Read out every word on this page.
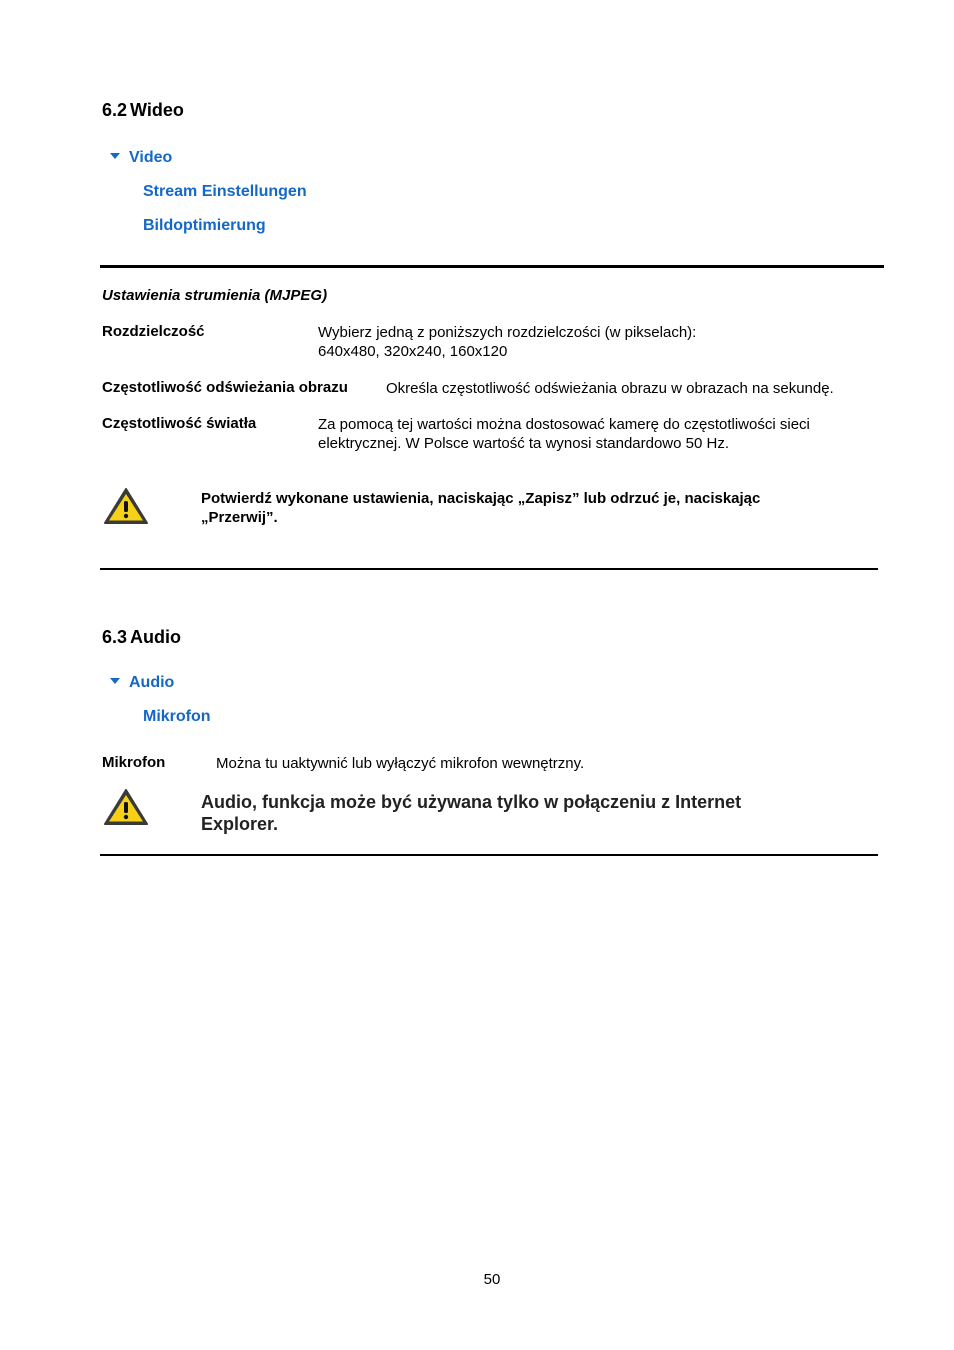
6.2 Wideo
Video
Stream Einstellungen
Bildoptimierung
Ustawienia strumienia (MJPEG)
Rozdzielczość	Wybierz jedną z poniższych rozdzielczości (w pikselach):
640x480, 320x240, 160x120
Częstotliwość odświeżania obrazu	Określa częstotliwość odświeżania obrazu w obrazach na sekundę.
Częstotliwość światła	Za pomocą tej wartości można dostosować kamerę do częstotliwości sieci
elektrycznej. W Polsce wartość ta wynosi standardowo 50 Hz.
Potwierdź wykonane ustawienia, naciskając „Zapisz” lub odrzuć je, naciskając
„Przerwij”.
6.3 Audio
Audio
Mikrofon
Mikrofon	Można tu uaktywnić lub wyłączyć mikrofon wewnętrzny.
Audio, funkcja może być używana tylko w połączeniu z Internet
Explorer.
50
